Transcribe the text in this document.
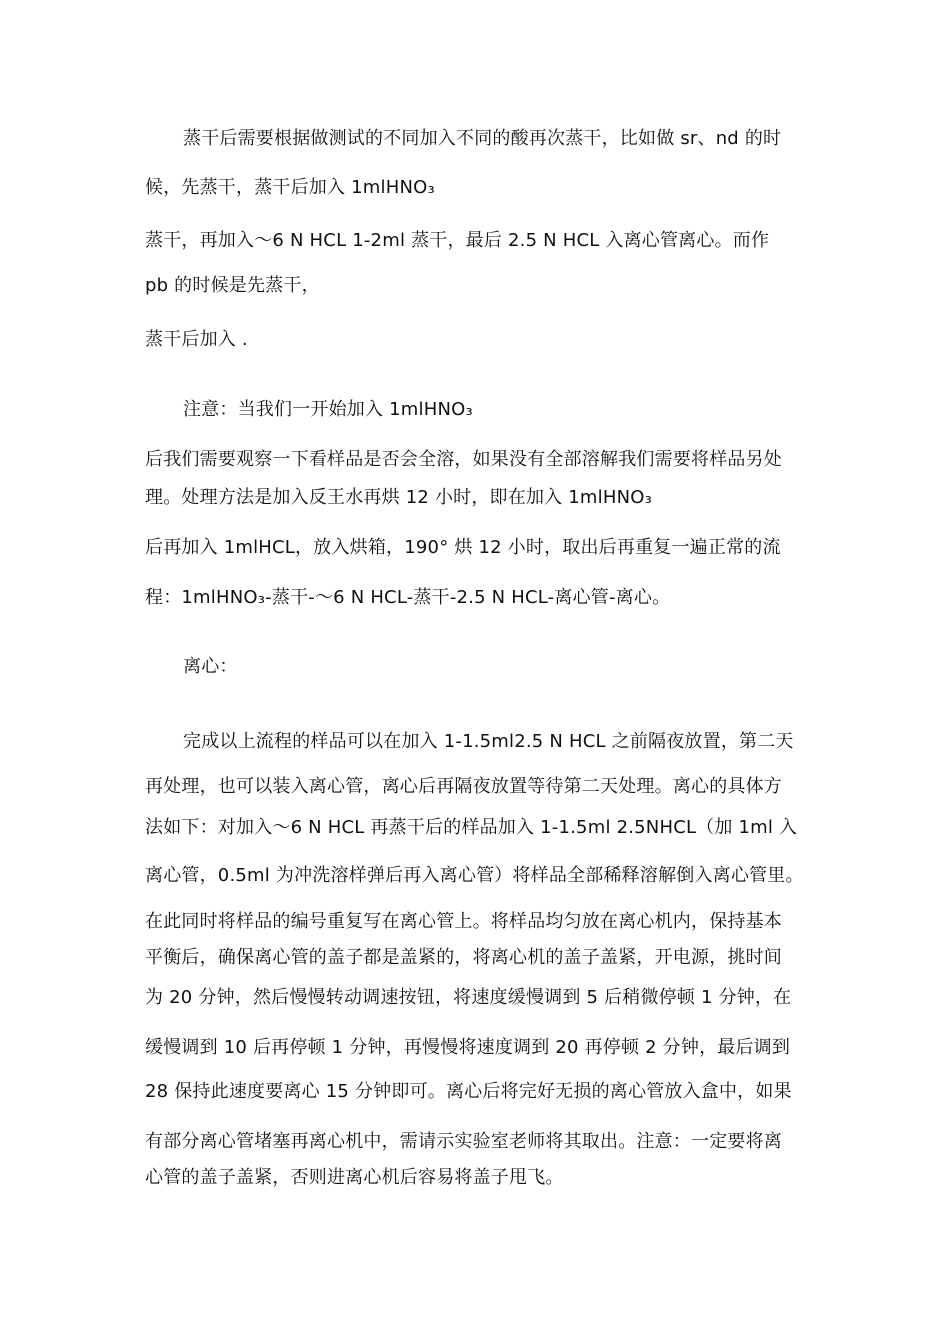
蒸干后需要根据做测试的不同加入不同的酸再次蒸干，比如做 sr、nd 的时
候，先蒸干，蒸干后加入 1mlHNO₃
蒸干，再加入～6 N HCL 1-2ml 蒸干，最后 2.5 N HCL 入离心管离心。而作
pb 的时候是先蒸干，
蒸干后加入 .
注意：当我们一开始加入 1mlHNO₃
后我们需要观察一下看样品是否会全溶，如果没有全部溶解我们需要将样品另处
理。处理方法是加入反王水再烘 12 小时，即在加入 1mlHNO₃
后再加入 1mlHCL，放入烘箱，190° 烘 12 小时，取出后再重复一遍正常的流
程：1mlHNO₃-蒸干-～6 N HCL-蒸干-2.5 N HCL-离心管-离心。
离心：
完成以上流程的样品可以在加入 1-1.5ml2.5 N HCL 之前隔夜放置，第二天
再处理，也可以装入离心管，离心后再隔夜放置等待第二天处理。离心的具体方
法如下：对加入～6 N HCL 再蒸干后的样品加入 1-1.5ml 2.5NHCL（加 1ml 入
离心管，0.5ml 为冲洗溶样弹后再入离心管）将样品全部稀释溶解倒入离心管里。
在此同时将样品的编号重复写在离心管上。将样品均匀放在离心机内，保持基本
平衡后，确保离心管的盖子都是盖紧的，将离心机的盖子盖紧，开电源，挑时间
为 20 分钟，然后慢慢转动调速按钮，将速度缓慢调到 5 后稍微停顿 1 分钟，在
缓慢调到 10 后再停顿 1 分钟，再慢慢将速度调到 20 再停顿 2 分钟，最后调到
28 保持此速度要离心 15 分钟即可。离心后将完好无损的离心管放入盒中，如果
有部分离心管堵塞再离心机中，需请示实验室老师将其取出。注意：一定要将离
心管的盖子盖紧，否则进离心机后容易将盖子甩飞。
